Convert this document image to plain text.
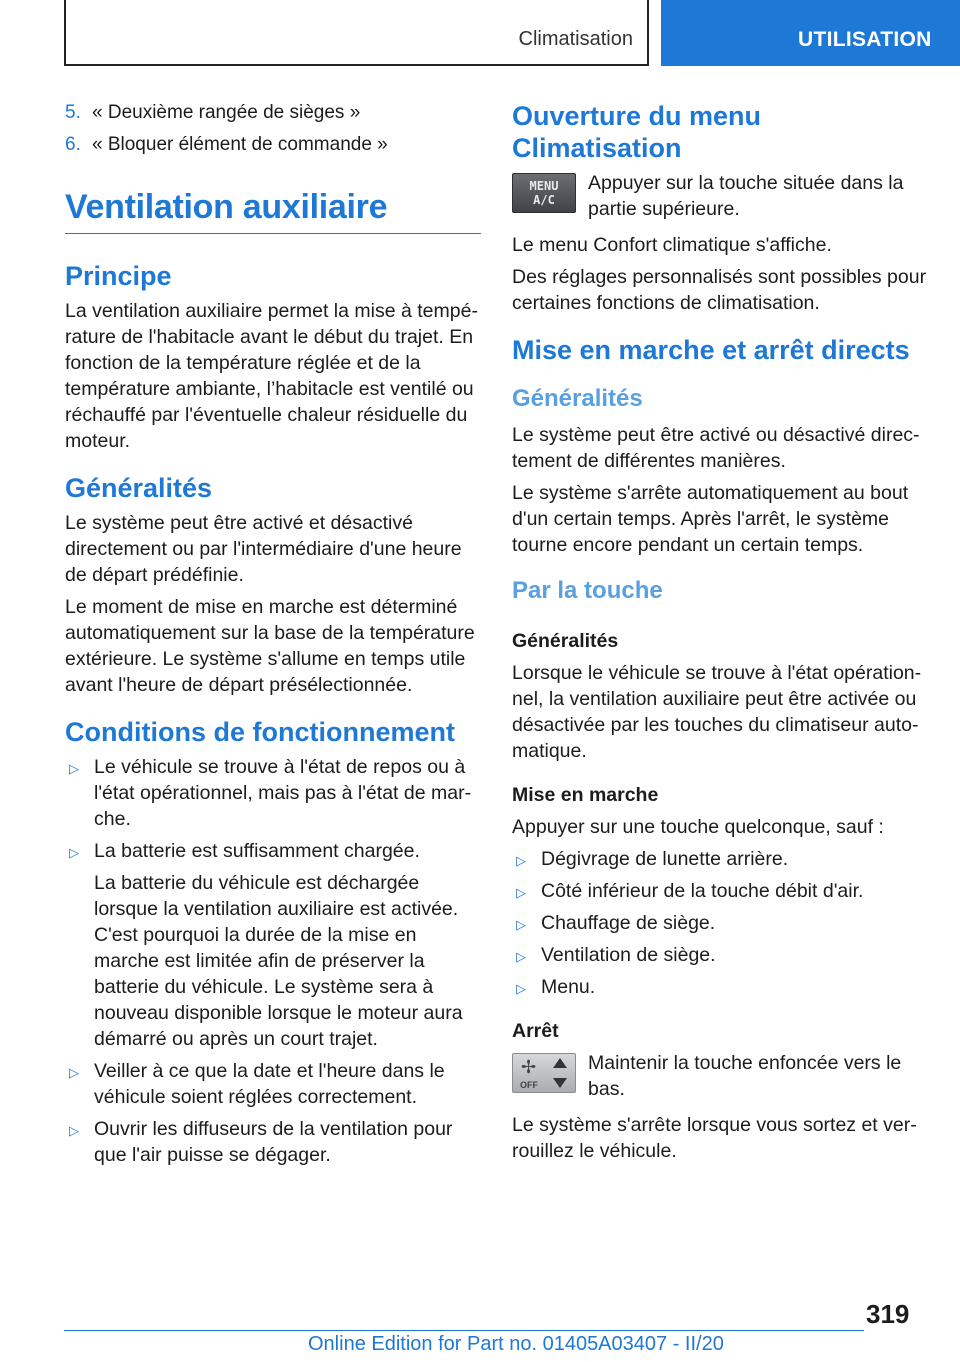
Climatisation	UTILISATION
5. « Deuxième rangée de sièges »
6. « Bloquer élément de commande »
Ventilation auxiliaire
Principe

La ventilation auxiliaire permet la mise à température de l'habitacle avant le début du trajet. En fonction de la température réglée et de la température ambiante, l’habitacle est ventilé ou réchauffé par l'éventuelle chaleur résiduelle du moteur.

Généralités

Le système peut être activé et désactivé directement ou par l'intermédiaire d'une heure de départ prédéfinie.

Le moment de mise en marche est déterminé automatiquement sur la base de la température extérieure. Le système s'allume en temps utile avant l'heure de départ présélectionnée.

Conditions de fonctionnement
▷ Le véhicule se trouve à l'état de repos ou à l'état opérationnel, mais pas à l'état de marche.
▷ La batterie est suffisamment chargée.
La batterie du véhicule est déchargée lorsque la ventilation auxiliaire est activée. C'est pourquoi la durée de la mise en marche est limitée afin de préserver la batterie du véhicule. Le système sera à nouveau disponible lorsque le moteur aura démarré ou après un court trajet.
▷ Veiller à ce que la date et l'heure dans le véhicule soient réglées correctement.
▷ Ouvrir les diffuseurs de la ventilation pour que l'air puisse se dégager.
Ouverture du menu Climatisation
MENU A/C
Appuyer sur la touche située dans la partie supérieure.

Le menu Confort climatique s'affiche.

Des réglages personnalisés sont possibles pour certaines fonctions de climatisation.

Mise en marche et arrêt directs
Généralités

Le système peut être activé ou désactivé directement de différentes manières.

Le système s'arrête automatiquement au bout d'un certain temps. Après l'arrêt, le système tourne encore pendant un certain temps.

Par la touche
Généralités

Lorsque le véhicule se trouve à l'état opérationnel, la ventilation auxiliaire peut être activée ou désactivée par les touches du climatiseur automatique.

Mise en marche

Appuyer sur une touche quelconque, sauf :

▷ Dégivrage de lunette arrière.
▷ Côté inférieur de la touche débit d'air.
▷ Chauffage de siège.
▷ Ventilation de siège.
▷ Menu.
Arrêt
✢
OFF
Maintenir la touche enfoncée vers le bas.

Le système s'arrête lorsque vous sortez et verrouillez le véhicule.

319
Online Edition for Part no. 01405A03407 - II/20
